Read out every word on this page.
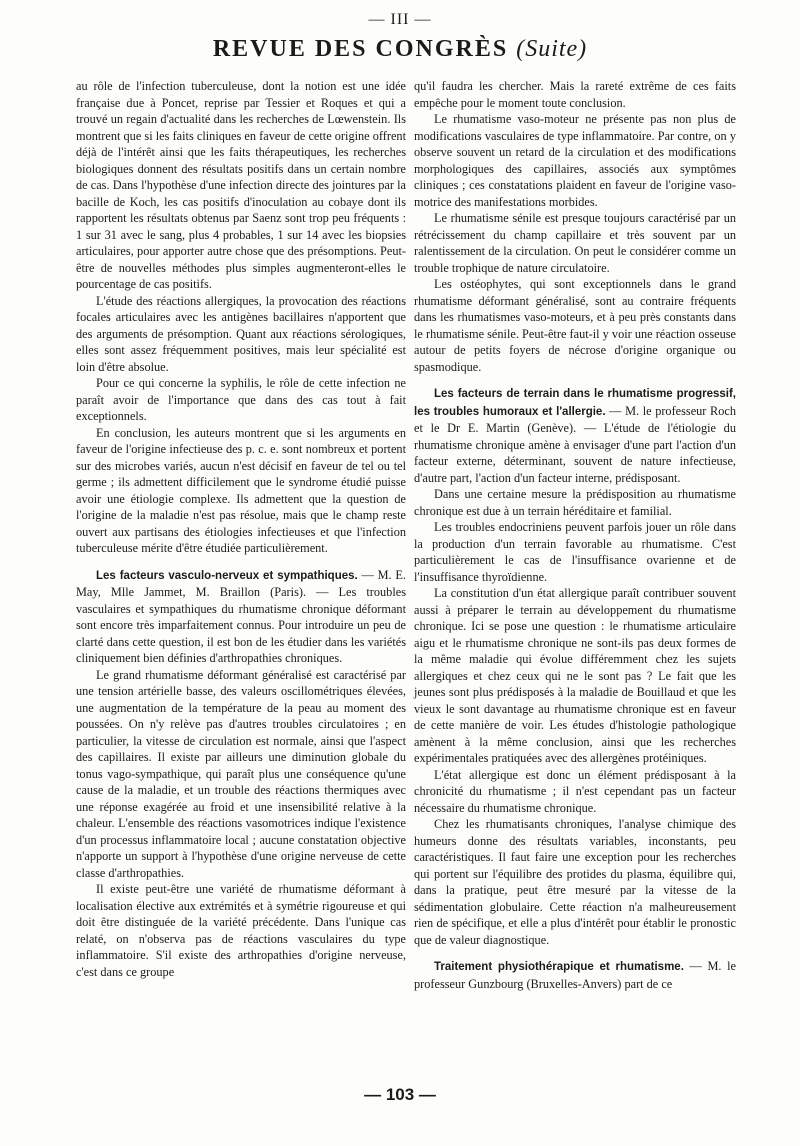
— III —
REVUE DES CONGRÈS (Suite)

au rôle de l'infection tuberculeuse, dont la notion est une idée française due à Poncet, reprise par Tessier et Roques et qui a trouvé un regain d'actualité dans les recherches de Lœwenstein. Ils montrent que si les faits cliniques en faveur de cette origine offrent déjà de l'intérêt ainsi que les faits thérapeutiques, les recherches biologiques donnent des résultats positifs dans un certain nombre de cas. Dans l'hypothèse d'une infection directe des jointures par la bacille de Koch, les cas positifs d'inoculation au cobaye dont ils rapportent les résultats obtenus par Saenz sont trop peu fréquents : 1 sur 31 avec le sang, plus 4 probables, 1 sur 14 avec les biopsies articulaires, pour apporter autre chose que des présomptions. Peut-être de nouvelles méthodes plus simples augmenteront-elles le pourcentage de cas positifs.

L'étude des réactions allergiques, la provocation des réactions focales articulaires avec les antigènes bacillaires n'apportent que des arguments de présomption. Quant aux réactions sérologiques, elles sont assez fréquemment positives, mais leur spécialité est loin d'être absolue.

Pour ce qui concerne la syphilis, le rôle de cette infection ne paraît avoir de l'importance que dans des cas tout à fait exceptionnels.

En conclusion, les auteurs montrent que si les arguments en faveur de l'origine infectieuse des p. c. e. sont nombreux et portent sur des microbes variés, aucun n'est décisif en faveur de tel ou tel germe ; ils admettent difficilement que le syndrome étudié puisse avoir une étiologie complexe. Ils admettent que la question de l'origine de la maladie n'est pas résolue, mais que le champ reste ouvert aux partisans des étiologies infectieuses et que l'infection tuberculeuse mérite d'être étudiée particulièrement.

Les facteurs vasculo-nerveux et sympathiques. — M. E. May, Mlle Jammet, M. Braillon (Paris). — Les troubles vasculaires et sympathiques du rhumatisme chronique déformant sont encore très imparfaitement connus. Pour introduire un peu de clarté dans cette question, il est bon de les étudier dans les variétés cliniquement bien définies d'arthropathies chroniques.

Le grand rhumatisme déformant généralisé est caractérisé par une tension artérielle basse, des valeurs oscillométriques élevées, une augmentation de la température de la peau au moment des poussées. On n'y relève pas d'autres troubles circulatoires ; en particulier, la vitesse de circulation est normale, ainsi que l'aspect des capillaires. Il existe par ailleurs une diminution globale du tonus vago-sympathique, qui paraît plus une conséquence qu'une cause de la maladie, et un trouble des réactions thermiques avec une réponse exagérée au froid et une insensibilité relative à la chaleur. L'ensemble des réactions vasomotrices indique l'existence d'un processus inflammatoire local ; aucune constatation objective n'apporte un support à l'hypothèse d'une origine nerveuse de cette classe d'arthropathies.

Il existe peut-être une variété de rhumatisme déformant à localisation élective aux extrémités et à symétrie rigoureuse et qui doit être distinguée de la variété précédente. Dans l'unique cas relaté, on n'observa pas de réactions vasculaires du type inflammatoire. S'il existe des arthropathies d'origine nerveuse, c'est dans ce groupe

qu'il faudra les chercher. Mais la rareté extrême de ces faits empêche pour le moment toute conclusion.

Le rhumatisme vaso-moteur ne présente pas non plus de modifications vasculaires de type inflammatoire. Par contre, on y observe souvent un retard de la circulation et des modifications morphologiques des capillaires, associés aux symptômes cliniques ; ces constatations plaident en faveur de l'origine vaso-motrice des manifestations morbides.

Le rhumatisme sénile est presque toujours caractérisé par un rétrécissement du champ capillaire et très souvent par un ralentissement de la circulation. On peut le considérer comme un trouble trophique de nature circulatoire.

Les ostéophytes, qui sont exceptionnels dans le grand rhumatisme déformant généralisé, sont au contraire fréquents dans les rhumatismes vaso-moteurs, et à peu près constants dans le rhumatisme sénile. Peut-être faut-il y voir une réaction osseuse autour de petits foyers de nécrose d'origine organique ou spasmodique.

Les facteurs de terrain dans le rhumatisme progressif, les troubles humoraux et l'allergie. — M. le professeur Roch et le Dr E. Martin (Genève). — L'étude de l'étiologie du rhumatisme chronique amène à envisager d'une part l'action d'un facteur externe, déterminant, souvent de nature infectieuse, d'autre part, l'action d'un facteur interne, prédisposant.

Dans une certaine mesure la prédisposition au rhumatisme chronique est due à un terrain héréditaire et familial.

Les troubles endocriniens peuvent parfois jouer un rôle dans la production d'un terrain favorable au rhumatisme. C'est particulièrement le cas de l'insuffisance ovarienne et de l'insuffisance thyroïdienne.

La constitution d'un état allergique paraît contribuer souvent aussi à préparer le terrain au développement du rhumatisme chronique. Ici se pose une question : le rhumatisme articulaire aigu et le rhumatisme chronique ne sont-ils pas deux formes de la même maladie qui évolue différemment chez les sujets allergiques et chez ceux qui ne le sont pas ? Le fait que les jeunes sont plus prédisposés à la maladie de Bouillaud et que les vieux le sont davantage au rhumatisme chronique est en faveur de cette manière de voir. Les études d'histologie pathologique amènent à la même conclusion, ainsi que les recherches expérimentales pratiquées avec des allergènes protéiniques.

L'état allergique est donc un élément prédisposant à la chronicité du rhumatisme ; il n'est cependant pas un facteur nécessaire du rhumatisme chronique.

Chez les rhumatisants chroniques, l'analyse chimique des humeurs donne des résultats variables, inconstants, peu caractéristiques. Il faut faire une exception pour les recherches qui portent sur l'équilibre des protides du plasma, équilibre qui, dans la pratique, peut être mesuré par la vitesse de la sédimentation globulaire. Cette réaction n'a malheureusement rien de spécifique, et elle a plus d'intérêt pour établir le pronostic que de valeur diagnostique.

Traitement physiothérapique et rhumatisme. — M. le professeur Gunzbourg (Bruxelles-Anvers) part de ce

— 103 —
